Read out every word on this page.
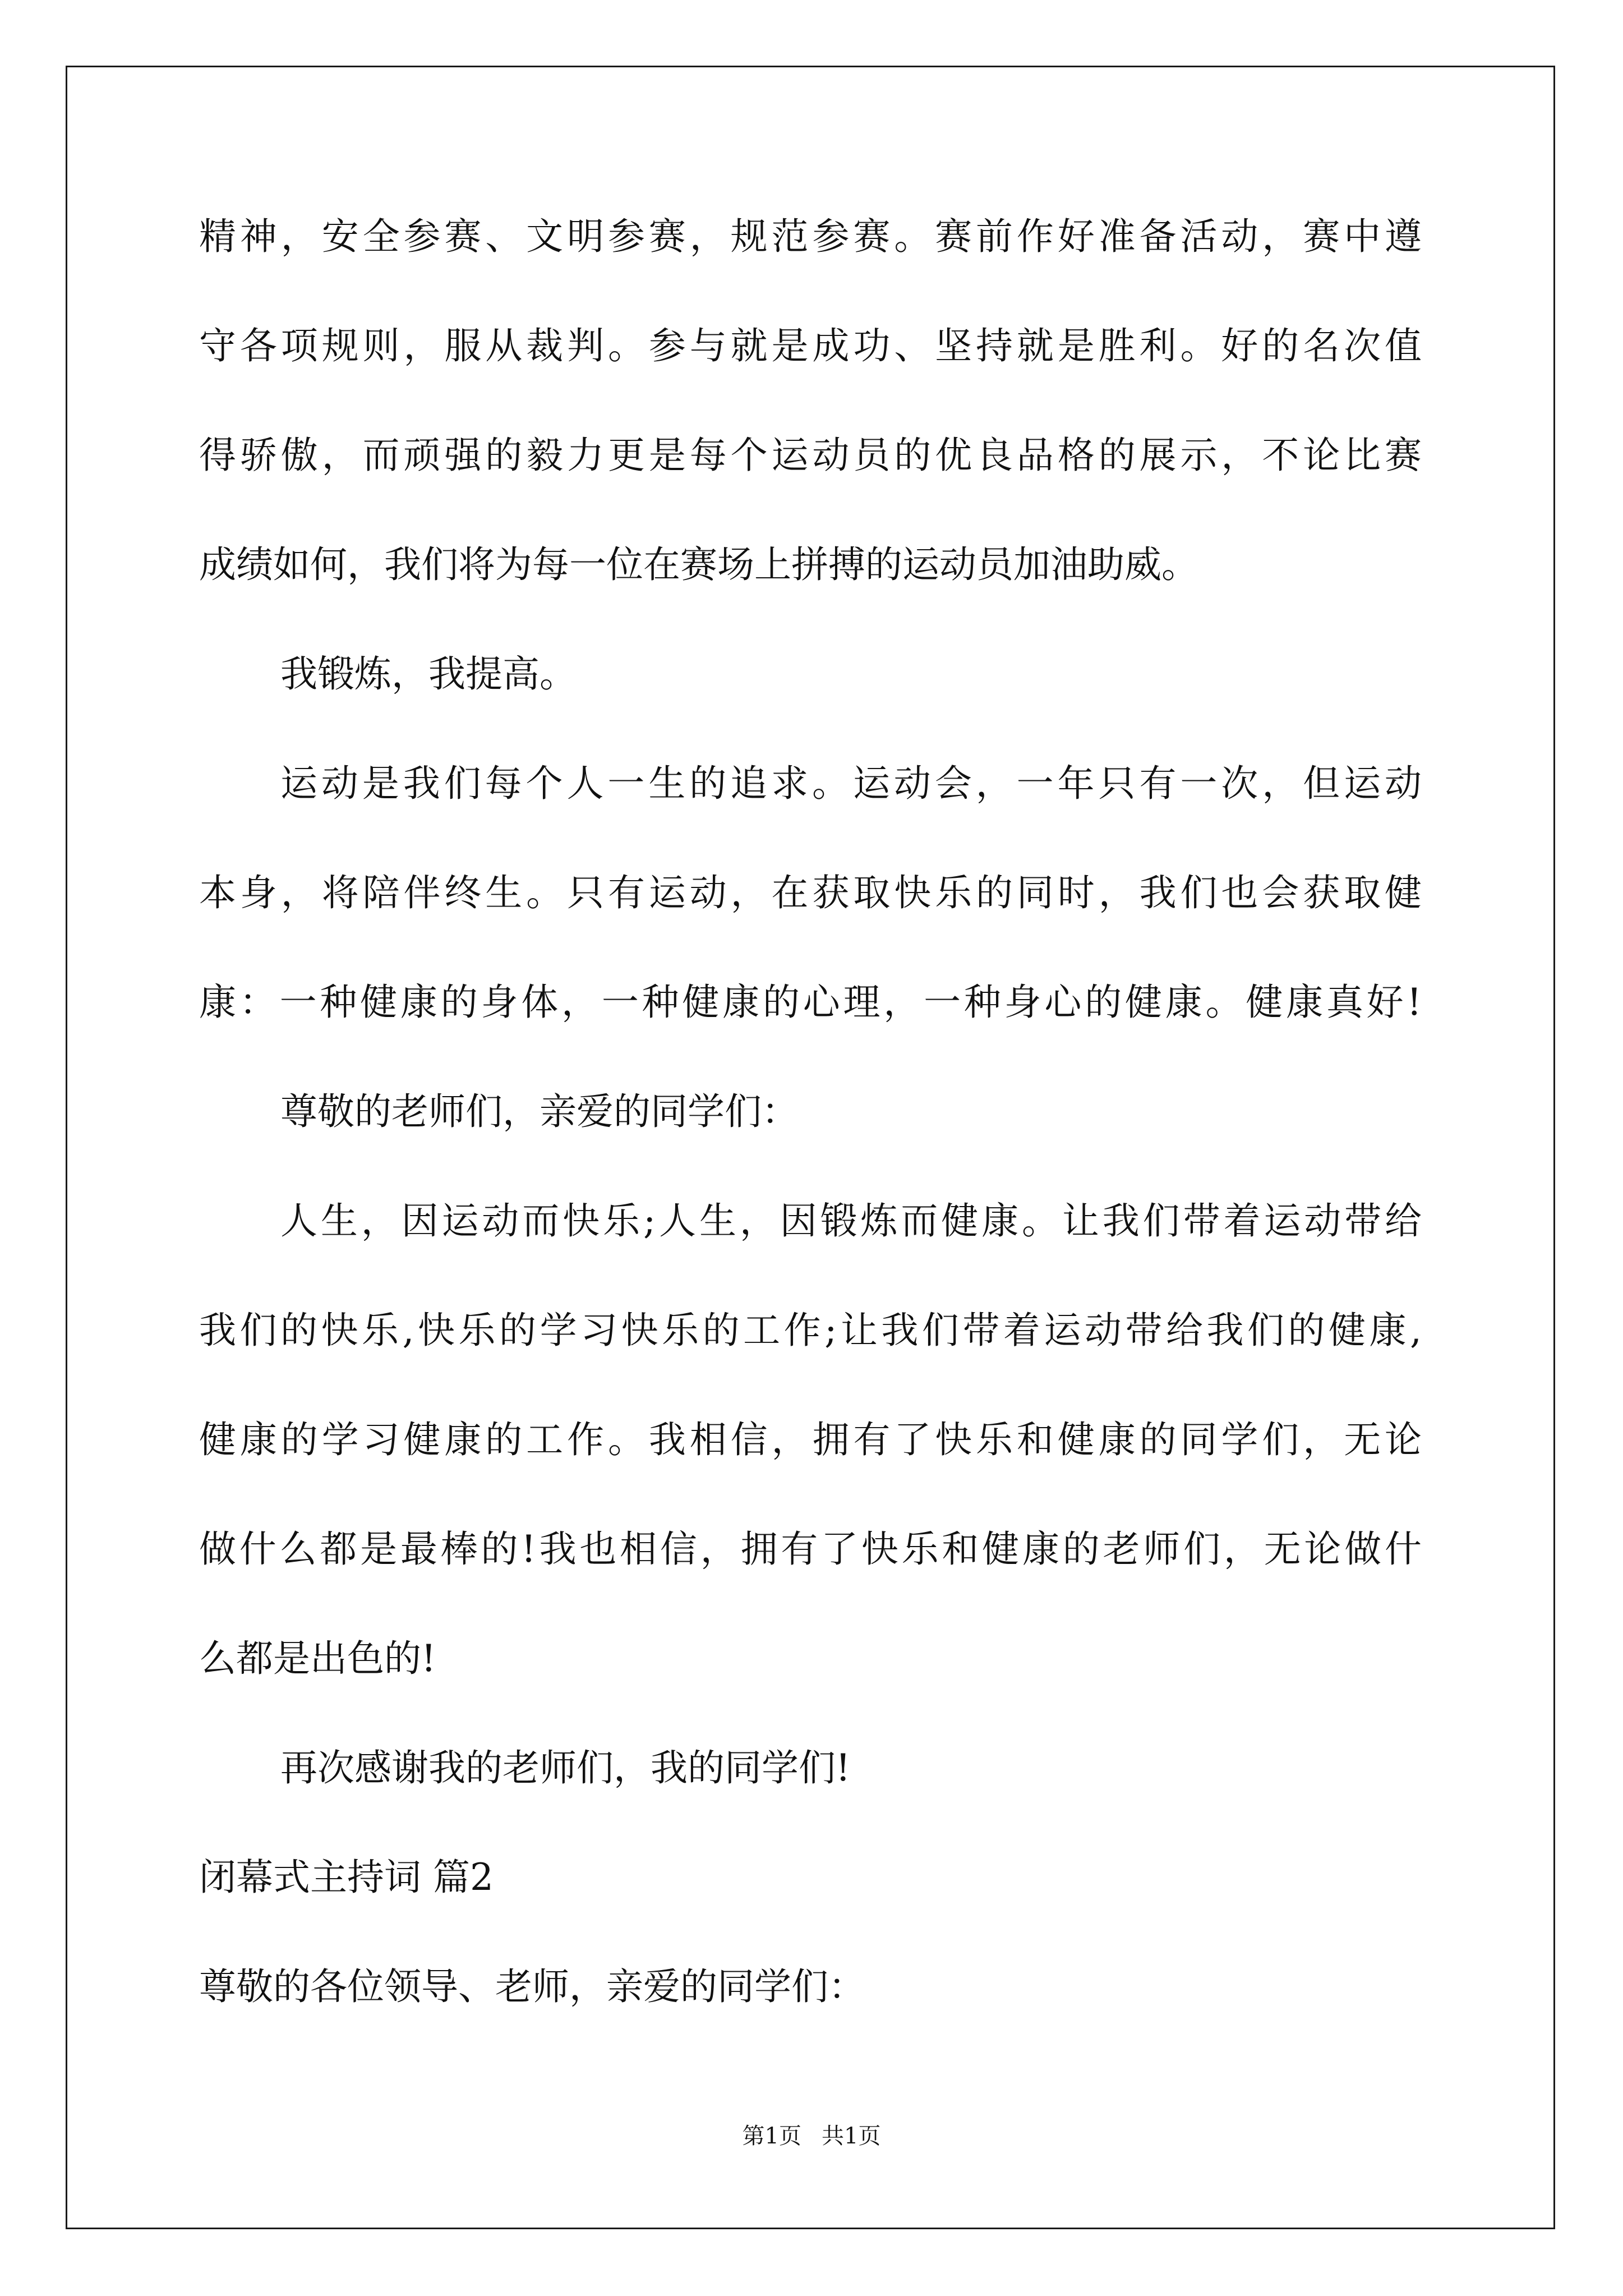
精神，安全参赛、文明参赛，规范参赛。赛前作好准备活动，赛中遵
守各项规则，服从裁判。参与就是成功、坚持就是胜利。好的名次值
得骄傲，而顽强的毅力更是每个运动员的优良品格的展示，不论比赛
成绩如何，我们将为每一位在赛场上拼搏的运动员加油助威。
我锻炼，我提高。
运动是我们每个人一生的追求。运动会，一年只有一次，但运动
本身，将陪伴终生。只有运动，在获取快乐的同时，我们也会获取健
康：一种健康的身体，一种健康的心理，一种身心的健康。健康真好!
尊敬的老师们，亲爱的同学们：
人生，因运动而快乐;人生，因锻炼而健康。让我们带着运动带给
我们的快乐,快乐的学习快乐的工作;让我们带着运动带给我们的健康,
健康的学习健康的工作。我相信，拥有了快乐和健康的同学们，无论
做什么都是最棒的!我也相信，拥有了快乐和健康的老师们，无论做什
么都是出色的!
再次感谢我的老师们，我的同学们!
闭幕式主持词 篇2
尊敬的各位领导、老师，亲爱的同学们：
第1页 共1页
